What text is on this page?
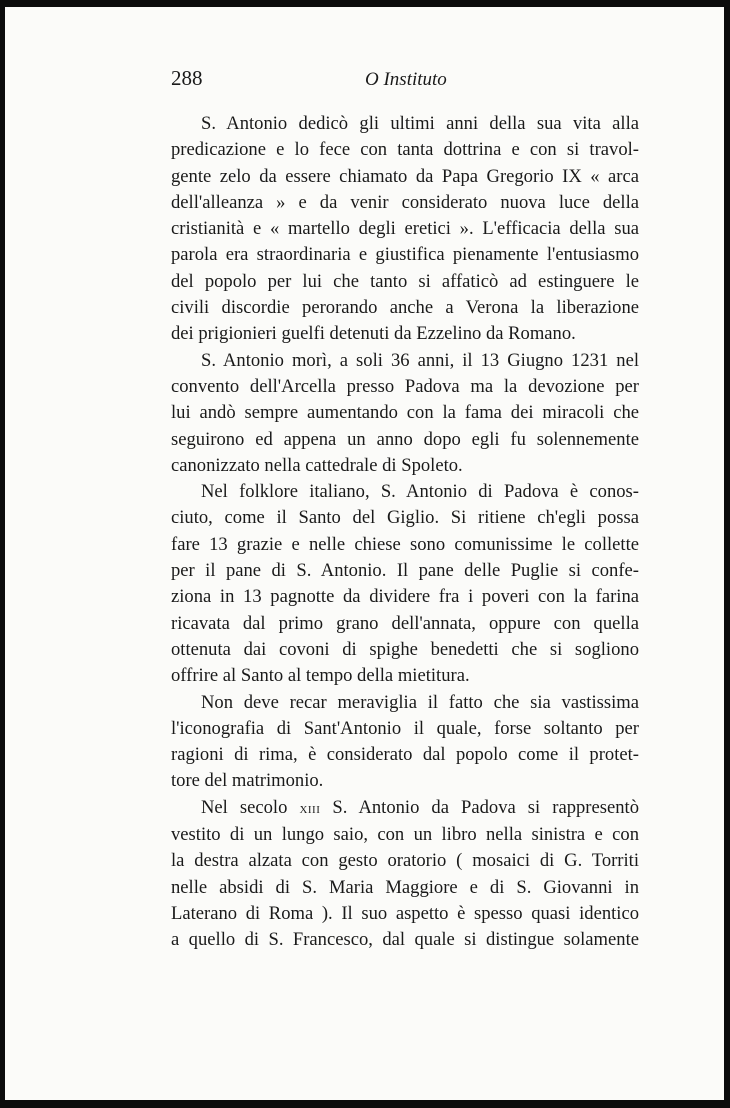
288	O Instituto
S. Antonio dedicò gli ultimi anni della sua vita alla
predicazione e lo fece con tanta dottrina e con si travol-
gente zelo da essere chiamato da Papa Gregorio IX « arca
dell'alleanza » e da venir considerato nuova luce della
cristianità e « martello degli eretici ». L'efficacia della sua
parola era straordinaria e giustifica pienamente l'entusiasmo
del popolo per lui che tanto si affaticò ad estinguere le
civili discordie perorando anche a Verona la liberazione
dei prigionieri guelfi detenuti da Ezzelino da Romano.
S. Antonio morì, a soli 36 anni, il 13 Giugno 1231 nel
convento dell'Arcella presso Padova ma la devozione per
lui andò sempre aumentando con la fama dei miracoli che
seguirono ed appena un anno dopo egli fu solennemente
canonizzato nella cattedrale di Spoleto.
Nel folklore italiano, S. Antonio di Padova è conos-
ciuto, come il Santo del Giglio. Si ritiene ch'egli possa
fare 13 grazie e nelle chiese sono comunissime le collette
per il pane di S. Antonio. Il pane delle Puglie si confe-
ziona in 13 pagnotte da dividere fra i poveri con la farina
ricavata dal primo grano dell'annata, oppure con quella
ottenuta dai covoni di spighe benedetti che si sogliono
offrire al Santo al tempo della mietitura.
Non deve recar meraviglia il fatto che sia vastissima
l'iconografia di Sant'Antonio il quale, forse soltanto per
ragioni di rima, è considerato dal popolo come il protet-
tore del matrimonio.
Nel secolo xiii S. Antonio da Padova si rappresentò
vestito di un lungo saio, con un libro nella sinistra e con
la destra alzata con gesto oratorio ( mosaici di G. Torriti
nelle absidi di S. Maria Maggiore e di S. Giovanni in
Laterano di Roma ). Il suo aspetto è spesso quasi identico
a quello di S. Francesco, dal quale si distingue solamente
